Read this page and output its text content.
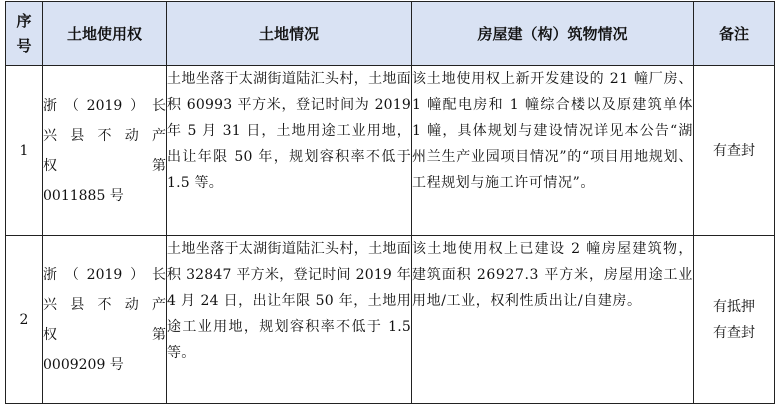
序
号	土地使用权	土地情况	房屋建（构）筑物情况	备注
1	浙（2019）长
兴县不动产
权　　　第
0011885 号	土地坐落于太湖街道陆汇头村，土地面积 60993 平方米，登记时间为 2019 年 5 月 31 日，土地用途工业用地，出让年限 50 年，规划容积率不低于 1.5 等。	该土地使用权上新开发建设的 21 幢厂房、1 幢配电房和 1 幢综合楼以及原建筑单体 1 幢，具体规划与建设情况详见本公告“湖州兰生产业园项目情况”的“项目用地规划、工程规划与施工许可情况”。	有查封

2	浙（2019）长
兴县不动产
权　　　第
0009209 号	土地坐落于太湖街道陆汇头村，土地面积 32847 平方米，登记时间 2019 年 4 月 24 日，出让年限 50 年，土地用途工业用地，规划容积率不低于 1.5 等。	该土地使用权上已建设 2 幢房屋建筑物，建筑面积 26927.3 平方米，房屋用途工业用地/工业，权利性质出让/自建房。	有抵押
有查封
